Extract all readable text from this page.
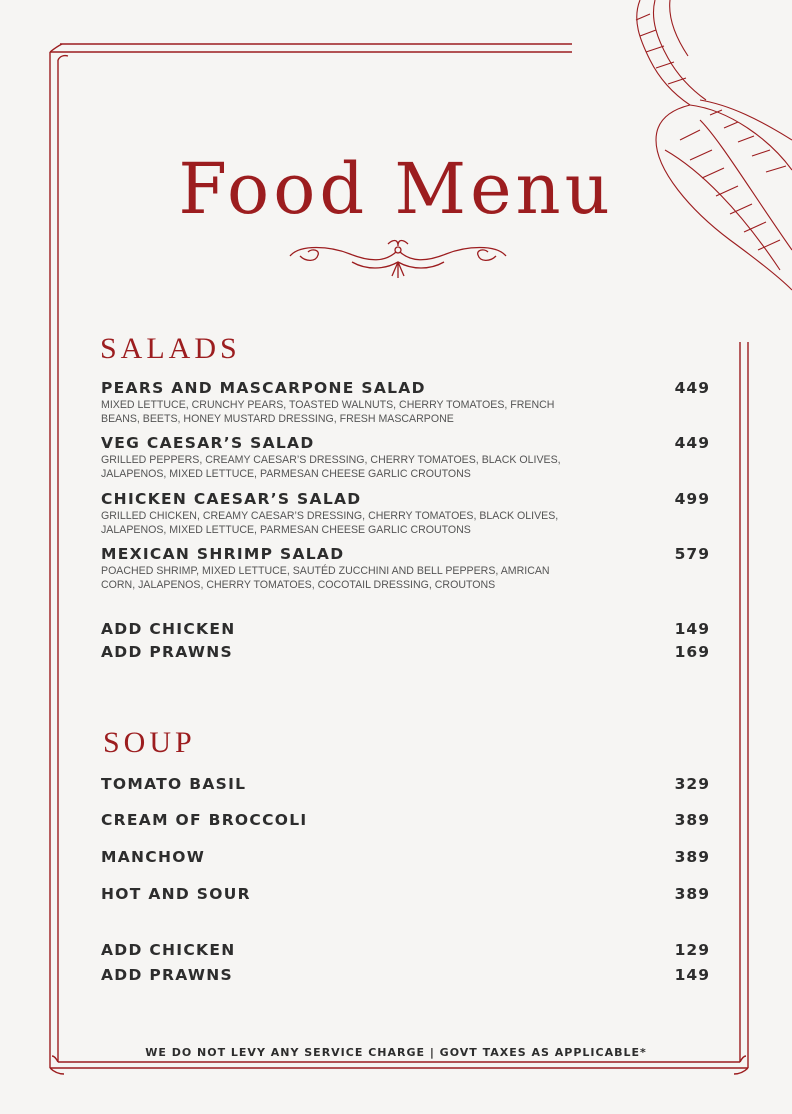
Food Menu
SALADS
PEARS AND MASCARPONE SALAD	449
MIXED LETTUCE, CRUNCHY PEARS, TOASTED WALNUTS, CHERRY TOMATOES, FRENCH BEANS, BEETS, HONEY MUSTARD DRESSING, FRESH MASCARPONE
VEG CAESAR’S SALAD	449
GRILLED PEPPERS, CREAMY CAESAR’S DRESSING, CHERRY TOMATOES, BLACK OLIVES, JALAPENOS, MIXED LETTUCE, PARMESAN CHEESE GARLIC CROUTONS
CHICKEN CAESAR’S SALAD	499
GRILLED CHICKEN, CREAMY CAESAR’S DRESSING, CHERRY TOMATOES, BLACK OLIVES, JALAPENOS, MIXED LETTUCE, PARMESAN CHEESE GARLIC CROUTONS
MEXICAN SHRIMP SALAD	579
POACHED SHRIMP, MIXED LETTUCE, SAUTÉD ZUCCHINI AND BELL PEPPERS, AMRICAN CORN, JALAPENOS, CHERRY TOMATOES, COCOTAIL DRESSING, CROUTONS
ADD CHICKEN	149
ADD PRAWNS	169
SOUP
TOMATO BASIL	329
CREAM OF BROCCOLI	389
MANCHOW	389
HOT AND SOUR	389
ADD CHICKEN	129
ADD PRAWNS	149
WE DO NOT LEVY ANY SERVICE CHARGE | GOVT TAXES AS APPLICABLE*
